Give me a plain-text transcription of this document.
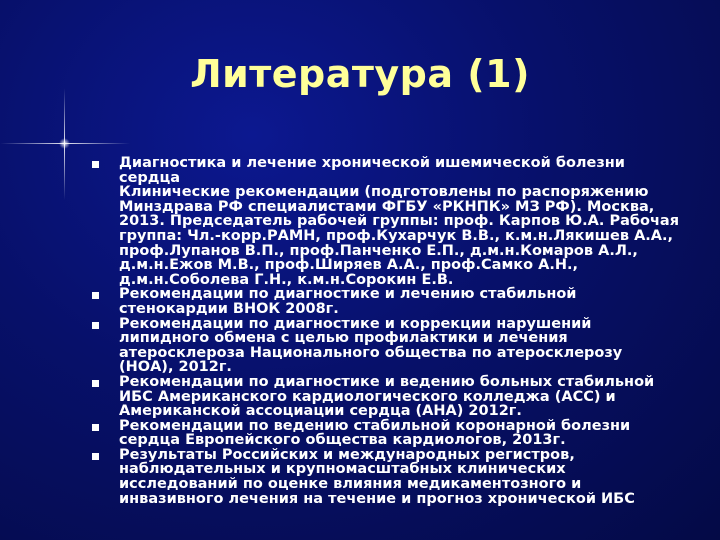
Литература (1)
Диагностика и лечение хронической ишемической болезни
сердца
Клинические рекомендации (подготовлены по распоряжению
Минздрава РФ специалистами ФГБУ «РКНПК» МЗ РФ). Москва,
2013. Председатель рабочей группы: проф. Карпов Ю.А. Рабочая
группа: Чл.-корр.РАМН, проф.Кухарчук В.В., к.м.н.Лякишев А.А.,
проф.Лупанов В.П., проф.Панченко Е.П., д.м.н.Комаров А.Л.,
д.м.н.Ежов М.В., проф.Ширяев А.А., проф.Самко А.Н.,
д.м.н.Соболева Г.Н., к.м.н.Сорокин Е.В.
Рекомендации по диагностике и лечению стабильной
стенокардии ВНОК 2008г.
Рекомендации по диагностике и коррекции нарушений
липидного обмена с целью профилактики и лечения
атеросклероза Национального общества по атеросклерозу
(НОА), 2012г.
Рекомендации по диагностике и ведению больных стабильной
ИБС Американского кардиологического колледжа (АСС) и
Американской ассоциации сердца (АНА) 2012г.
Рекомендации по ведению стабильной коронарной болезни
сердца Европейского общества кардиологов, 2013г.
Результаты Российских и международных регистров,
наблюдательных и крупномасштабных клинических
исследований по оценке влияния медикаментозного и
инвазивного лечения на течение и прогноз хронической ИБС
